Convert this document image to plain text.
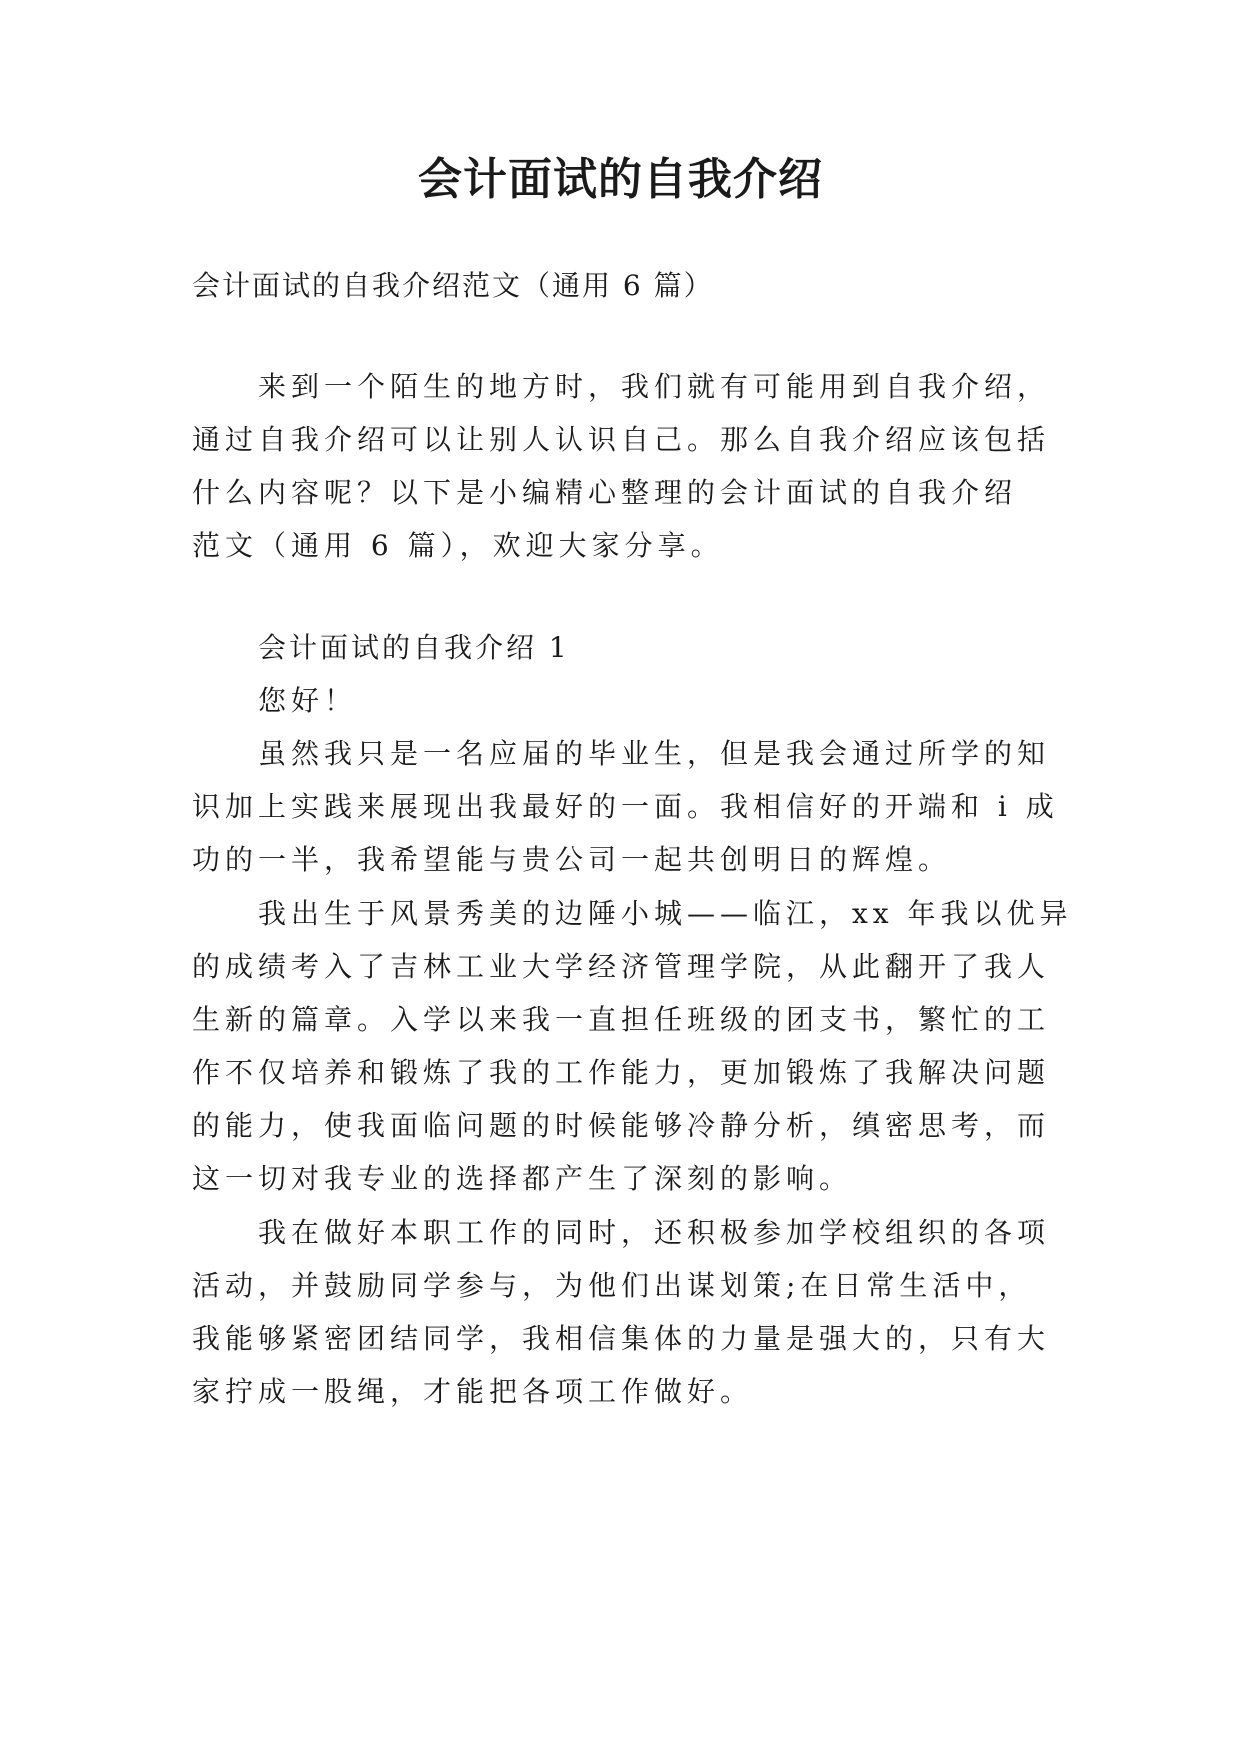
会计面试的自我介绍

会计面试的自我介绍范文（通用 6 篇）

来到一个陌生的地方时，我们就有可能用到自我介绍，

通过自我介绍可以让别人认识自己。那么自我介绍应该包括

什么内容呢？以下是小编精心整理的会计面试的自我介绍

范文（通用 6 篇），欢迎大家分享。

会计面试的自我介绍 1

您好！

虽然我只是一名应届的毕业生，但是我会通过所学的知

识加上实践来展现出我最好的一面。我相信好的开端和 i 成

功的一半，我希望能与贵公司一起共创明日的辉煌。

我出生于风景秀美的边陲小城——临江，xx 年我以优异

的成绩考入了吉林工业大学经济管理学院，从此翻开了我人

生新的篇章。入学以来我一直担任班级的团支书，繁忙的工

作不仅培养和锻炼了我的工作能力，更加锻炼了我解决问题

的能力，使我面临问题的时候能够冷静分析，缜密思考，而

这一切对我专业的选择都产生了深刻的影响。

我在做好本职工作的同时，还积极参加学校组织的各项

活动，并鼓励同学参与，为他们出谋划策;在日常生活中，

我能够紧密团结同学，我相信集体的力量是强大的，只有大

家拧成一股绳，才能把各项工作做好。
